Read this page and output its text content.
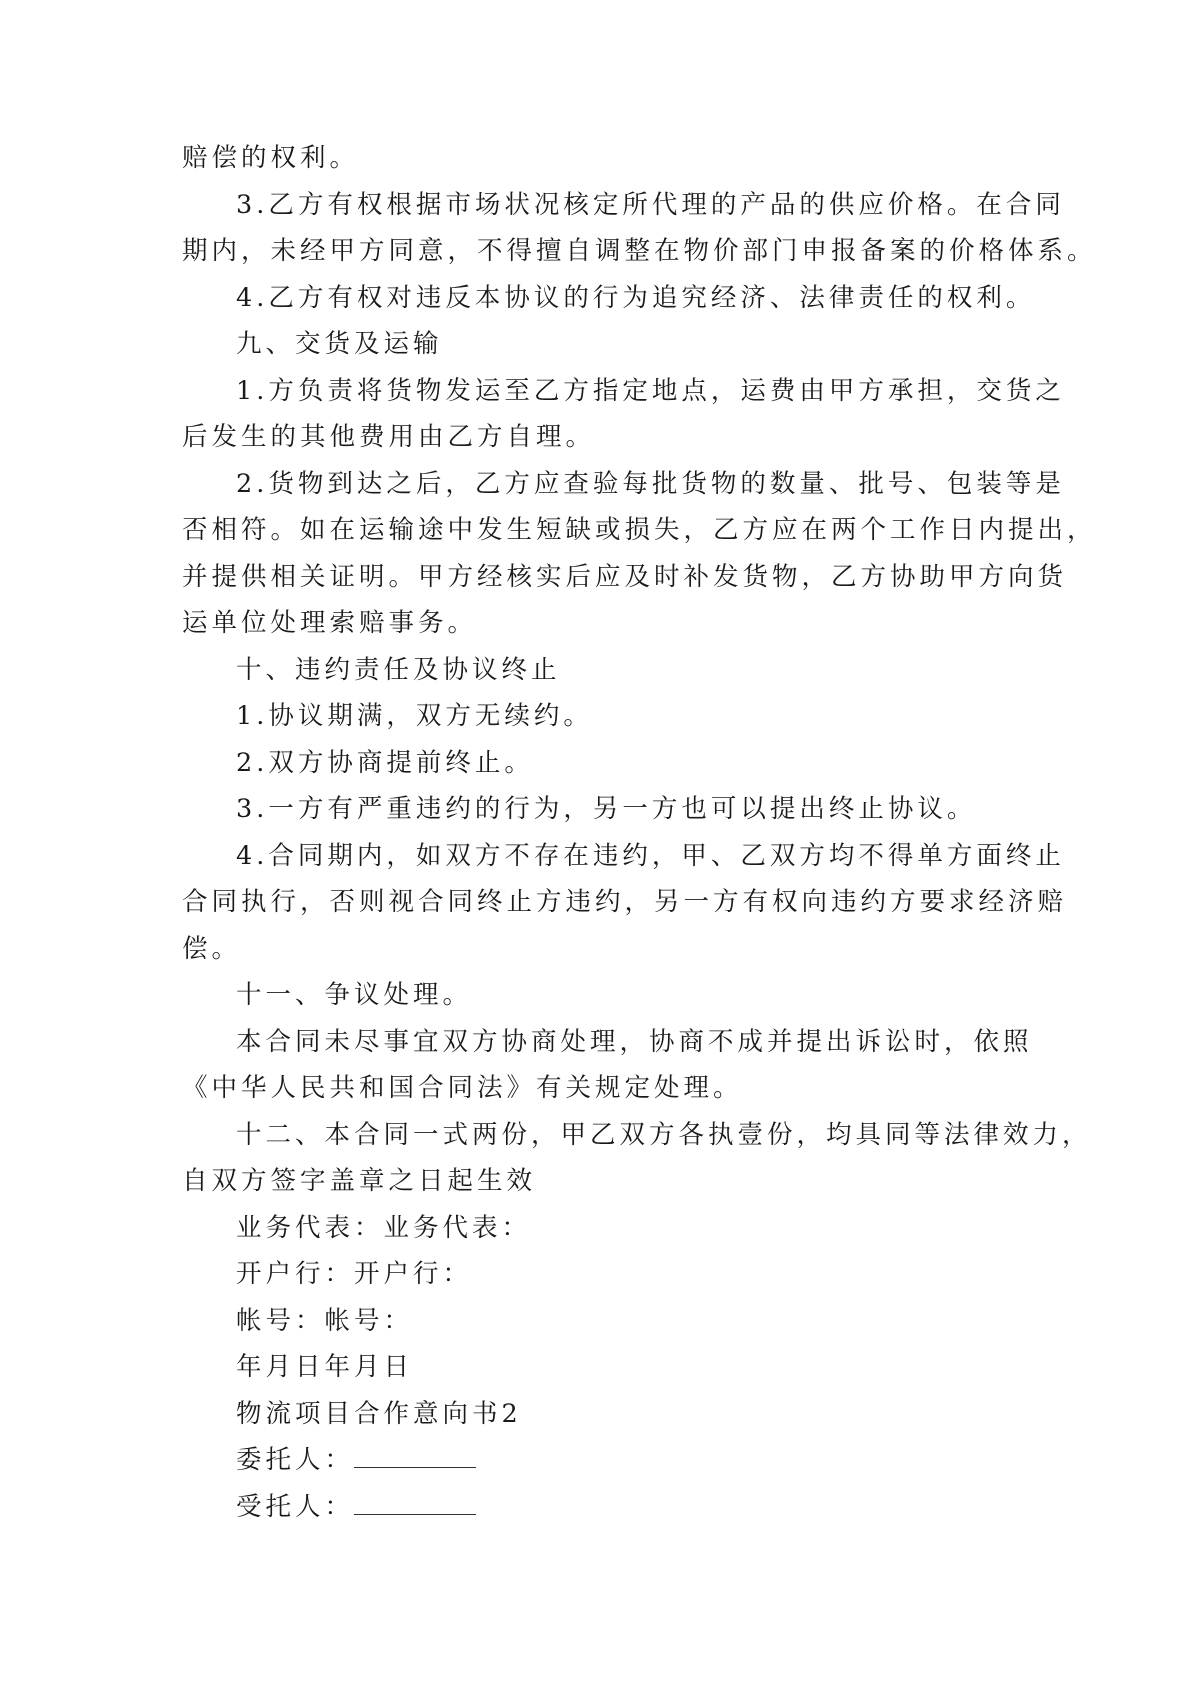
赔偿的权利。

3.乙方有权根据市场状况核定所代理的产品的供应价格。在合同

期内，未经甲方同意，不得擅自调整在物价部门申报备案的价格体系。

4.乙方有权对违反本协议的行为追究经济、法律责任的权利。

九、交货及运输

1.方负责将货物发运至乙方指定地点，运费由甲方承担，交货之

后发生的其他费用由乙方自理。

2.货物到达之后，乙方应查验每批货物的数量、批号、包装等是

否相符。如在运输途中发生短缺或损失，乙方应在两个工作日内提出，

并提供相关证明。甲方经核实后应及时补发货物，乙方协助甲方向货

运单位处理索赔事务。

十、违约责任及协议终止

1.协议期满，双方无续约。

2.双方协商提前终止。

3.一方有严重违约的行为，另一方也可以提出终止协议。

4.合同期内，如双方不存在违约，甲、乙双方均不得单方面终止

合同执行，否则视合同终止方违约，另一方有权向违约方要求经济赔

偿。

十一、争议处理。

本合同未尽事宜双方协商处理，协商不成并提出诉讼时，依照

《中华人民共和国合同法》有关规定处理。

十二、本合同一式两份，甲乙双方各执壹份，均具同等法律效力，

自双方签字盖章之日起生效

业务代表：业务代表：

开户行：开户行：

帐号：帐号：

年月日年月日

物流项目合作意向书2

委托人：

受托人：
